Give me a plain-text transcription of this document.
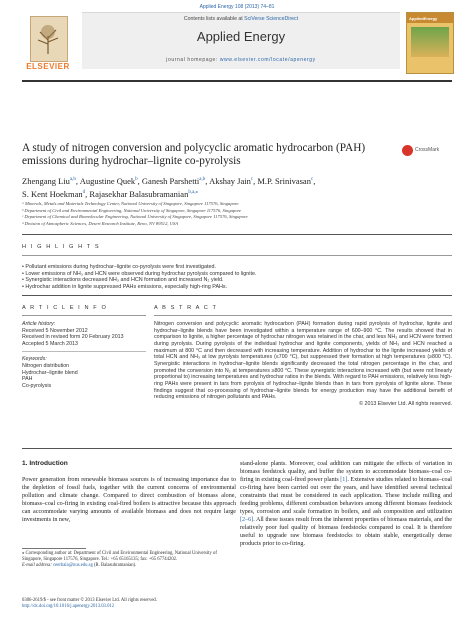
Applied Energy 108 (2013) 74–81
ELSEVIER
Contents lists available at SciVerse ScienceDirect
Applied Energy
journal homepage: www.elsevier.com/locate/apenergy
AppliedEnergy
A study of nitrogen conversion and polycyclic aromatic hydrocarbon (PAH) emissions during hydrochar–lignite co-pyrolysis
CrossMark
Zhengang Liu$^{a,b}$, Augustine Quek$^b$, Ganesh Parshetti$^{a,b}$, Akshay Jain$^c$, M.P. Srinivasan$^c$,
S. Kent Hoekman$^d$, Rajasekhar Balasubramanian$^{b,a,⁎}$
ᵃ Minerals, Metals and Materials Technology Center, National University of Singapore, Singapore 117576, Singapore
ᵇ Department of Civil and Environmental Engineering, National University of Singapore, Singapore 117576, Singapore
ᶜ Department of Chemical and Biomolecular Engineering, National University of Singapore, Singapore 117576, Singapore
ᵈ Division of Atmospheric Sciences, Desert Research Institute, Reno, NV 89512, USA
H I G H L I G H T S
• Pollutant emissions during hydrochar–lignite co-pyrolysis were first investigated.
• Lower emissions of NH₃ and HCN were observed during hydrochar pyrolysis compared to lignite.
• Synergistic interactions decreased NH₃ and HCN formation and increased N₂ yield.
• Hydrochar addition in lignite suppressed PAHs emissions, especially high-ring PAHs.
A R T I C L E I N F O
Article history:
Received 5 November 2012
Received in revised form 20 February 2013
Accepted 5 March 2013
Keywords:
Nitrogen distribution
Hydrochar–lignite blend
PAH
Co-pyrolysis
A B S T R A C T
Nitrogen conversion and polycyclic aromatic hydrocarbon (PAH) formation during rapid pyrolysis of hydrochar, lignite and hydrochar–lignite blends have been investigated within a temperature range of 600–900 °C. The results showed that in comparison to lignite, a higher percentage of hydrochar nitrogen was retained in the char, and less NH₃ and HCN were formed during pyrolysis. During pyrolysis of the individual hydrochar and lignite components, yields of NH₃ and HCN reached a maximum at 800 °C and then decreased with increasing temperature. Addition of hydrochar to the lignite increased yields of total HCN and NH₃ at low pyrolysis temperatures (≤700 °C), but suppressed their formation at high temperatures (≥800 °C). Synergistic interactions in hydrochar–lignite blends significantly decreased the total nitrogen percentage in the char, and promoted the conversion into N₂ at temperatures ≥800 °C. These synergistic interactions increased with (but were not linearly proportional to) increasing temperatures and hydrochar ratios in the blends. With regard to PAH emissions, relatively less high-ring PAHs were present in tars from pyrolysis of hydrochar–lignite blends than in tars from pyrolysis of lignite alone. These findings suggest that co-processing of hydrochar–lignite blends for energy production may have the additional benefit of reducing emissions of nitrogen pollutants and PAHs.
© 2013 Elsevier Ltd. All rights reserved.
1. Introduction
Power generation from renewable biomass sources is of increasing importance due to the depletion of fossil fuels, together with the current concerns of environmental pollution and climate change. Compared to direct combustion of biomass alone, biomass–coal co-firing in existing coal-fired boilers is attractive because this approach can accommodate varying amounts of available biomass and does not require large investments in new,
stand-alone plants. Moreover, coal addition can mitigate the effects of variation in biomass feedstock quality, and buffer the system to accommodate biomass–coal co-firing in existing coal-fired power plants [1]. Extensive studies related to biomass–coal co-firing have been carried out over the years, and have identified several technical constraints that must be considered in each application. These include milling and feeding problems, different combustion behaviors among different biomass feedstock types, corrosion and scale formation in boilers, and ash composition and utilization [2–6]. All these issues result from the inherent properties of biomass materials, and the relatively poor fuel quality of biomass feedstocks compared to coal. It is therefore useful to upgrade raw biomass feedstocks to obtain stable, energetically dense products prior to co-firing.
⁎ Corresponding author at: Department of Civil and Environmental Engineering, National University of Singapore, Singapore 117576, Singapore. Tel.: +65 65165135; fax: +65 67744202.
E-mail address: ceerbala@nus.edu.sg (R. Balasubramanian).
0306-2619/$ - see front matter © 2013 Elsevier Ltd. All rights reserved.
http://dx.doi.org/10.1016/j.apenergy.2013.03.012
